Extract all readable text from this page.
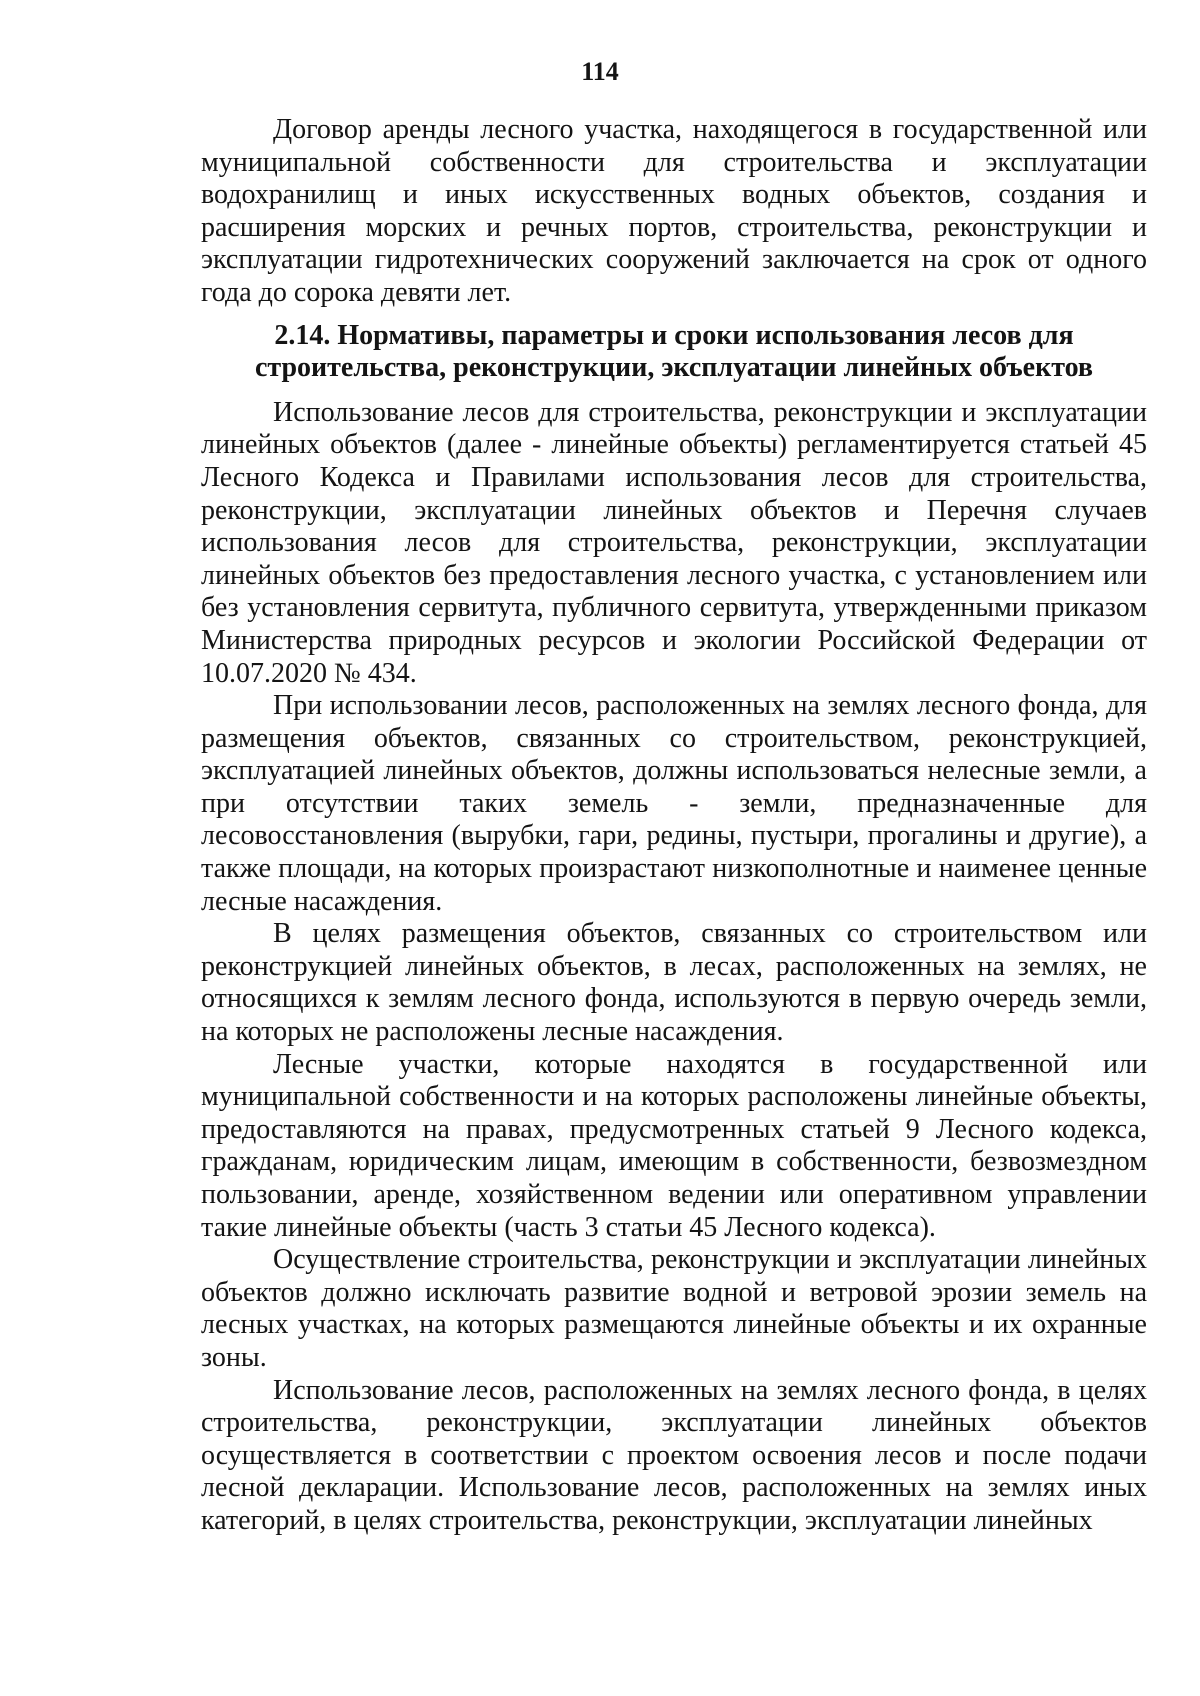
114

Договор аренды лесного участка, находящегося в государственной или муниципальной собственности для строительства и эксплуатации водохранилищ и иных искусственных водных объектов, создания и расширения морских и речных портов, строительства, реконструкции и эксплуатации гидротехнических сооружений заключается на срок от одного года до сорока девяти лет.

2.14. Нормативы, параметры и сроки использования лесов для
строительства, реконструкции, эксплуатации линейных объектов

Использование лесов для строительства, реконструкции и эксплуатации линейных объектов (далее - линейные объекты) регламентируется статьей 45 Лесного Кодекса и Правилами использования лесов для строительства, реконструкции, эксплуатации линейных объектов и Перечня случаев использования лесов для строительства, реконструкции, эксплуатации линейных объектов без предоставления лесного участка, с установлением или без установления сервитута, публичного сервитута, утвержденными приказом Министерства природных ресурсов и экологии Российской Федерации от 10.07.2020 № 434.

При использовании лесов, расположенных на землях лесного фонда, для размещения объектов, связанных со строительством, реконструкцией, эксплуатацией линейных объектов, должны использоваться нелесные земли, а при отсутствии таких земель - земли, предназначенные для лесовосстановления (вырубки, гари, редины, пустыри, прогалины и другие), а также площади, на которых произрастают низкополнотные и наименее ценные лесные насаждения.

В целях размещения объектов, связанных со строительством или реконструкцией линейных объектов, в лесах, расположенных на землях, не относящихся к землям лесного фонда, используются в первую очередь земли, на которых не расположены лесные насаждения.

Лесные участки, которые находятся в государственной или муниципальной собственности и на которых расположены линейные объекты, предоставляются на правах, предусмотренных статьей 9 Лесного кодекса, гражданам, юридическим лицам, имеющим в собственности, безвозмездном пользовании, аренде, хозяйственном ведении или оперативном управлении такие линейные объекты (часть 3 статьи 45 Лесного кодекса).

Осуществление строительства, реконструкции и эксплуатации линейных объектов должно исключать развитие водной и ветровой эрозии земель на лесных участках, на которых размещаются линейные объекты и их охранные зоны.

Использование лесов, расположенных на землях лесного фонда, в целях строительства, реконструкции, эксплуатации линейных объектов осуществляется в соответствии с проектом освоения лесов и после подачи лесной декларации. Использование лесов, расположенных на землях иных категорий, в целях строительства, реконструкции, эксплуатации линейных
